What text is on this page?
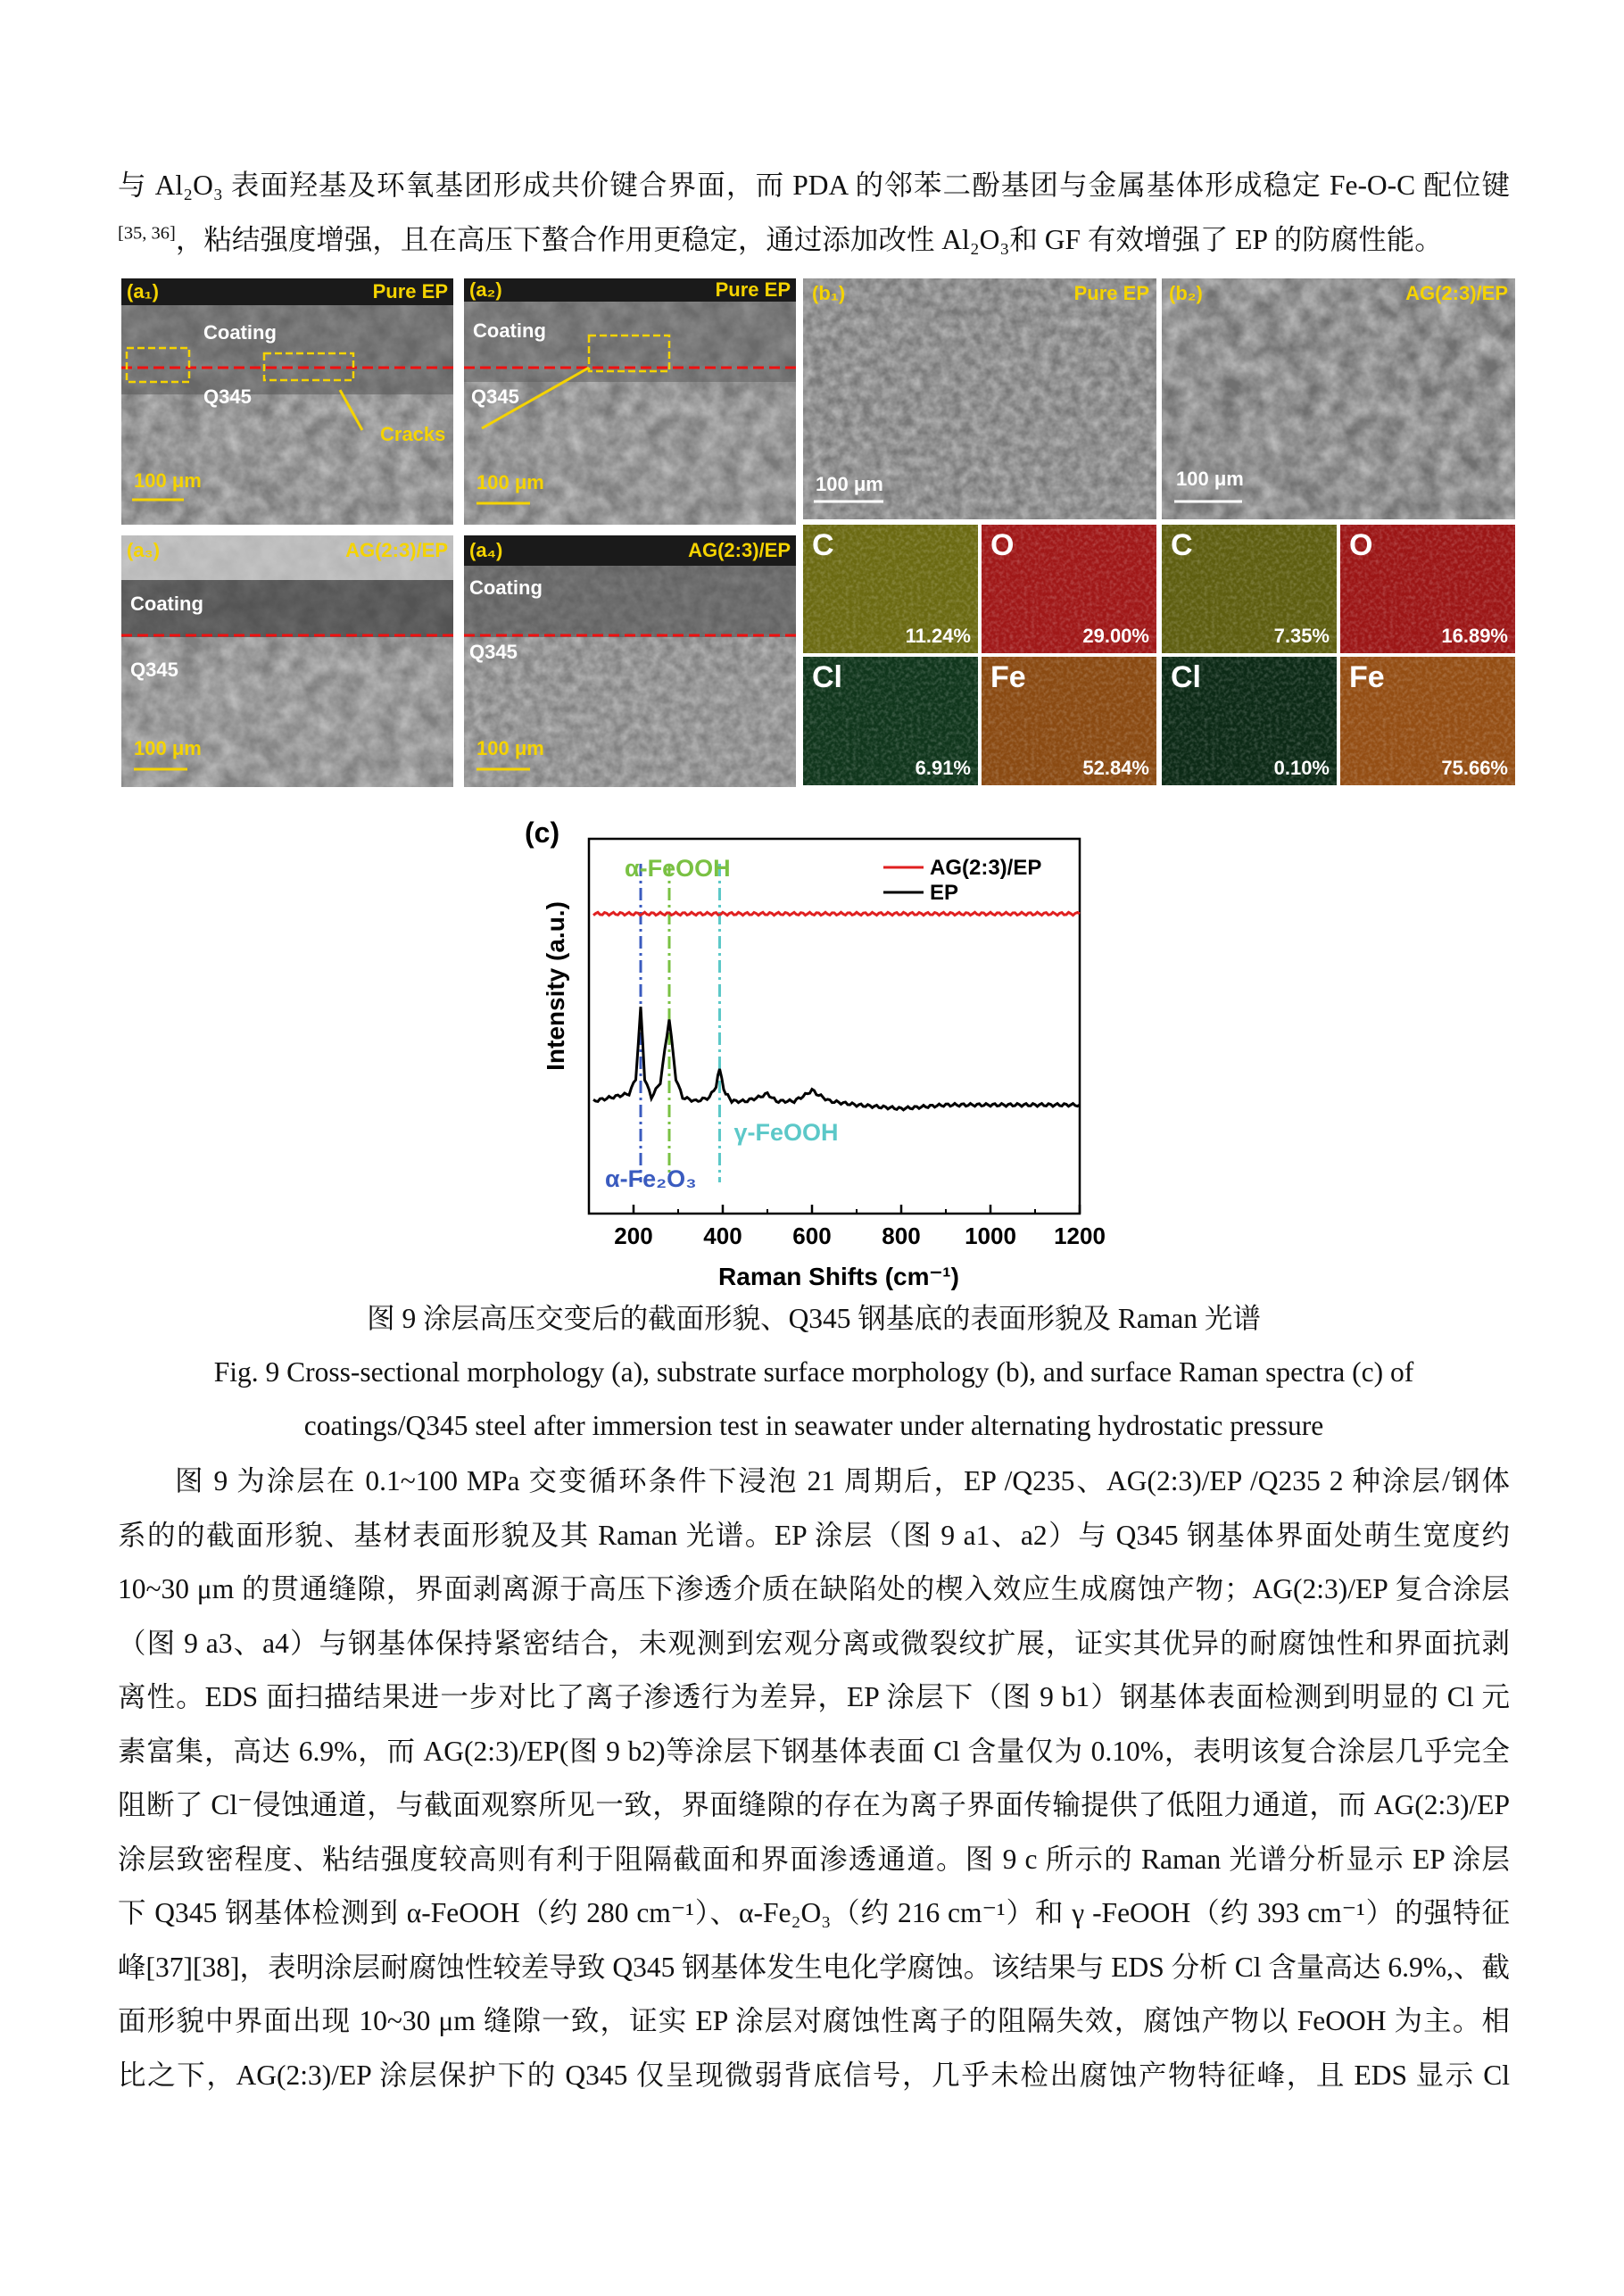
与 Al₂O₃ 表面羟基及环氧基团形成共价键合界面，而 PDA 的邻苯二酚基团与金属基体形成稳定 Fe-O-C 配位键
[35, 36]，粘结强度增强，且在高压下螯合作用更稳定，通过添加改性 Al₂O₃和 GF 有效增强了 EP 的防腐性能。
(a₁)	Pure EP
Coating
Q345
Cracks
100 μm
(a₂)	Pure EP
Coating
Q345
100 μm
(a₃)	AG(2:3)/EP
Coating
Q345
100 μm
(a₄)	AG(2:3)/EP
Coating
Q345
100 μm
(b₁)	Pure EP
100 μm
(b₂)	AG(2:3)/EP
100 μm
C
11.24%
O
29.00%
Cl
6.91%
Fe
52.84%
C
7.35%
O
16.89%
Cl
0.10%
Fe
75.66%
200 400 600 800 1000 1200
AG(2:3)/EP
EP
α-FeOOH
α-Fe₂O₃
γ-FeOOH
(c)
Intensity (a.u.)
Raman Shifts (cm⁻¹)
图 9 涂层高压交变后的截面形貌、Q345 钢基底的表面形貌及 Raman 光谱
Fig. 9 Cross-sectional morphology (a), substrate surface morphology (b), and surface Raman spectra (c) of
coatings/Q345 steel after immersion test in seawater under alternating hydrostatic pressure
图 9 为涂层在 0.1~100 MPa 交变循环条件下浸泡 21 周期后，EP /Q235、AG(2:3)/EP /Q235 2 种涂层/钢体
系的的截面形貌、基材表面形貌及其 Raman 光谱。EP 涂层（图 9 a1、a2）与 Q345 钢基体界面处萌生宽度约
10~30 μm 的贯通缝隙，界面剥离源于高压下渗透介质在缺陷处的楔入效应生成腐蚀产物；AG(2:3)/EP 复合涂层
（图 9 a3、a4）与钢基体保持紧密结合，未观测到宏观分离或微裂纹扩展，证实其优异的耐腐蚀性和界面抗剥
离性。EDS 面扫描结果进一步对比了离子渗透行为差异，EP 涂层下（图 9 b1）钢基体表面检测到明显的 Cl 元
素富集，高达 6.9%，而 AG(2:3)/EP(图 9 b2)等涂层下钢基体表面 Cl 含量仅为 0.10%，表明该复合涂层几乎完全
阻断了 Cl⁻侵蚀通道，与截面观察所见一致，界面缝隙的存在为离子界面传输提供了低阻力通道，而 AG(2:3)/EP
涂层致密程度、粘结强度较高则有利于阻隔截面和界面渗透通道。图 9 c 所示的 Raman 光谱分析显示 EP 涂层
下 Q345 钢基体检测到 α-FeOOH（约 280 cm⁻¹）、α-Fe₂O₃（约 216 cm⁻¹）和 γ -FeOOH（约 393 cm⁻¹）的强特征
峰[37][38]，表明涂层耐腐蚀性较差导致 Q345 钢基体发生电化学腐蚀。该结果与 EDS 分析 Cl 含量高达 6.9%,、截
面形貌中界面出现 10~30 μm 缝隙一致，证实 EP 涂层对腐蚀性离子的阻隔失效，腐蚀产物以 FeOOH 为主。相
比之下，AG(2:3)/EP 涂层保护下的 Q345 仅呈现微弱背底信号，几乎未检出腐蚀产物特征峰，且 EDS 显示 Cl
